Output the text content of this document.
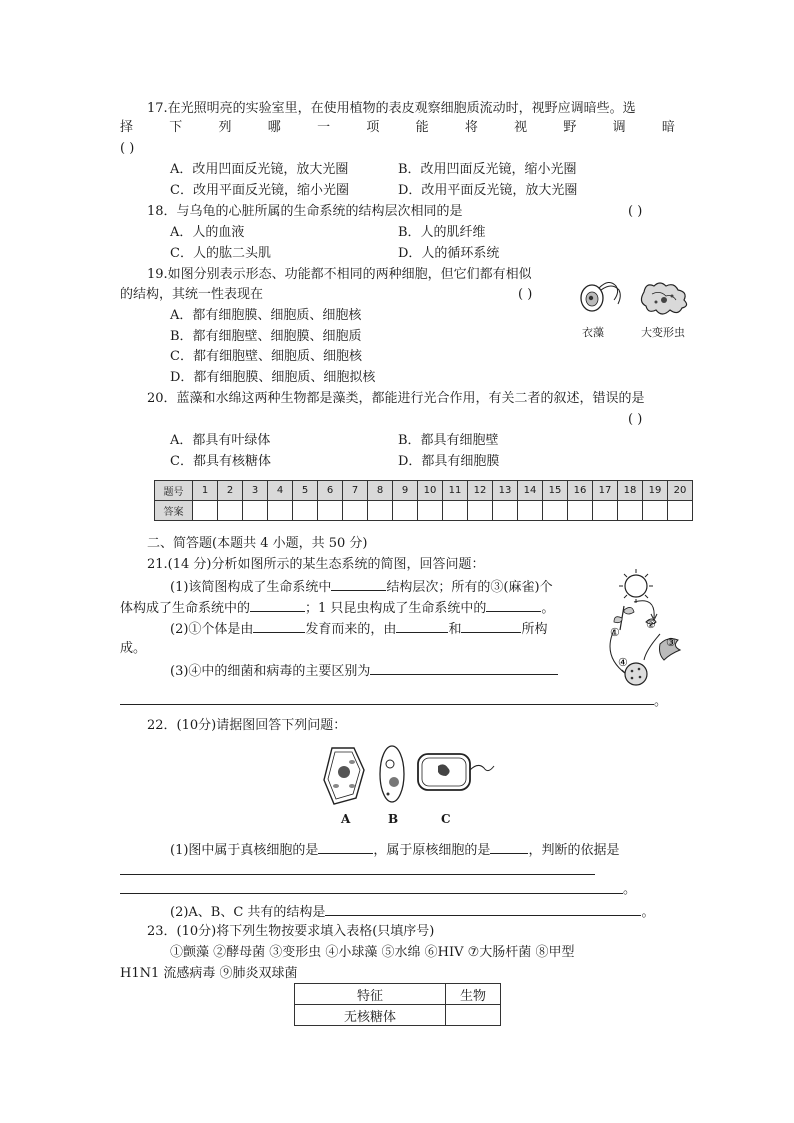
17.在光照明亮的实验室里，在使用植物的表皮观察细胞质流动时，视野应调暗些。选
择	下	列	哪	一	项	能	将	视	野	调	暗
( )
A．改用凹面反光镜，放大光圈	B．改用凹面反光镜，缩小光圈
C．改用平面反光镜，缩小光圈	D．改用平面反光镜，放大光圈
18．与乌龟的心脏所属的生命系统的结构层次相同的是	( )
A．人的血液	B．人的肌纤维
C．人的肱二头肌	D．人的循环系统
19.如图分别表示形态、功能都不相同的两种细胞，但它们都有相似
的结构，其统一性表现在	( )
A．都有细胞膜、细胞质、细胞核
B．都有细胞壁、细胞膜、细胞质
C．都有细胞壁、细胞质、细胞核
D．都有细胞膜、细胞质、细胞拟核
衣藻	大变形虫
20．蓝藻和水绵这两种生物都是藻类，都能进行光合作用，有关二者的叙述，错误的是
( )
A．都具有叶绿体	B．都具有细胞壁
C．都具有核糖体	D．都具有细胞膜
题号	1	2	3	4	5	6	7	8	9	10	11	12	13	14	15	16	17	18	19	20
答案																				
二、简答题(本题共 4 小题，共 50 分)
21.(14 分)分析如图所示的某生态系统的简图，回答问题：
(1)该简图构成了生命系统中	结构层次；所有的③(麻雀)个
体构成了生命系统中的	；1 只昆虫构成了生命系统中的	。
(2)①个体是由	发育而来的，由	和	所构
成。
(3)④中的细菌和病毒的主要区别为
。
①
②
③
④
22．(10分)请据图回答下列问题：
A	B	C
(1)图中属于真核细胞的是	，属于原核细胞的是	，判断的依据是
。
(2)A、B、C 共有的结构是	。
23．(10分)将下列生物按要求填入表格(只填序号)
①颤藻 ②酵母菌 ③变形虫 ④小球藻 ⑤水绵 ⑥HIV ⑦大肠杆菌 ⑧甲型
H1N1 流感病毒 ⑨肺炎双球菌
特征	生物
无核糖体	
